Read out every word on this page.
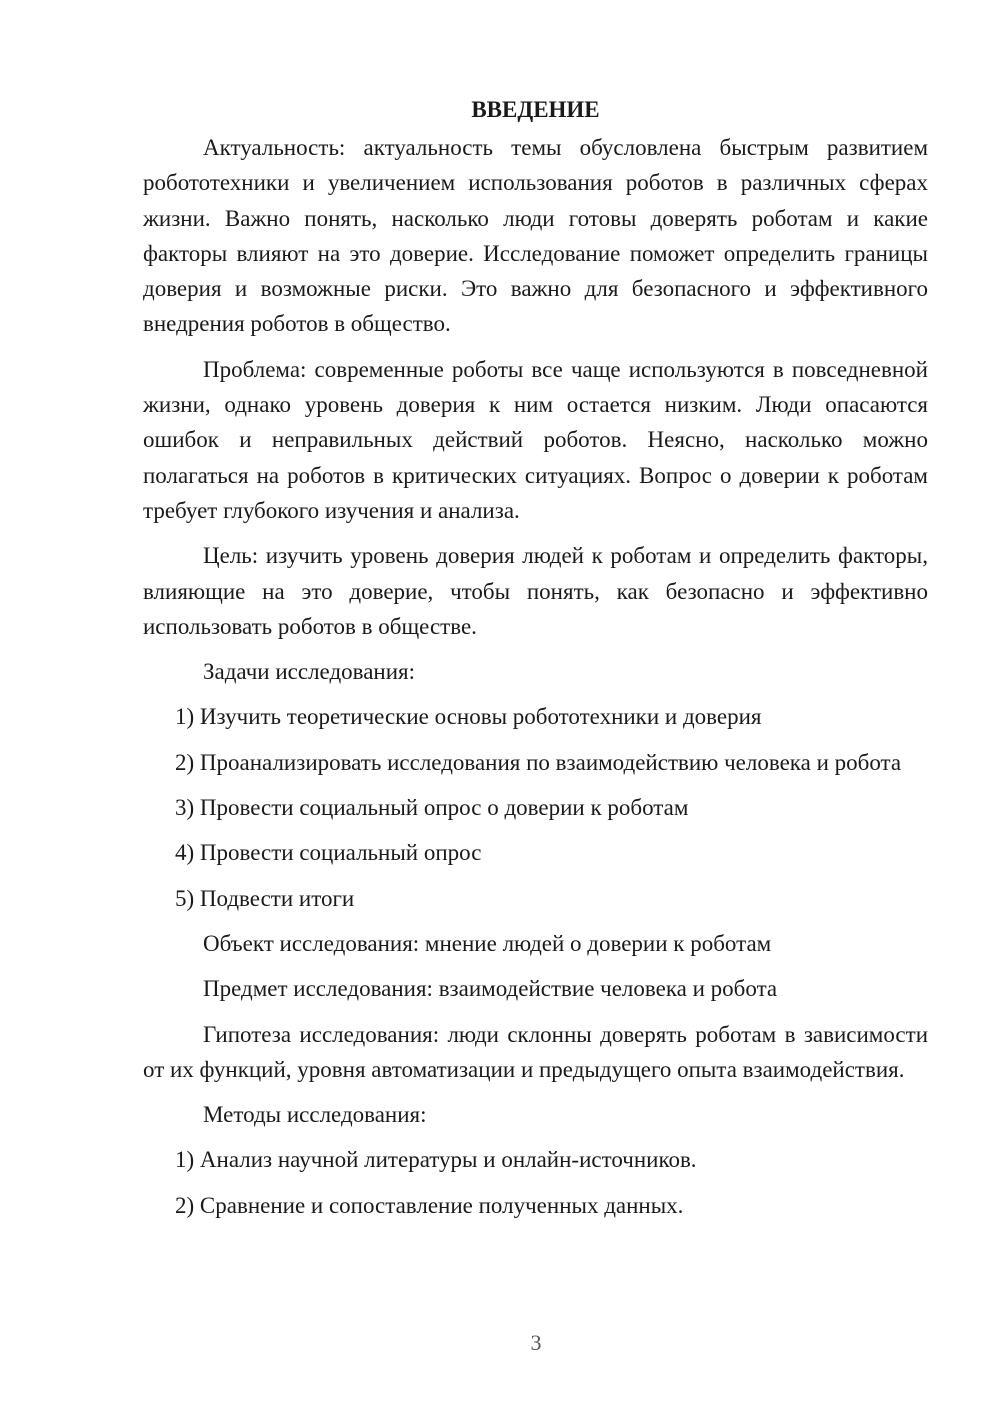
ВВЕДЕНИЕ

Актуальность: актуальность темы обусловлена быстрым развитием робототехники и увеличением использования роботов в различных сферах жизни. Важно понять, насколько люди готовы доверять роботам и какие факторы влияют на это доверие. Исследование поможет определить границы доверия и возможные риски. Это важно для безопасного и эффективного внедрения роботов в общество.

Проблема: современные роботы все чаще используются в повседневной жизни, однако уровень доверия к ним остается низким. Люди опасаются ошибок и неправильных действий роботов. Неясно, насколько можно полагаться на роботов в критических ситуациях. Вопрос о доверии к роботам требует глубокого изучения и анализа.

Цель: изучить уровень доверия людей к роботам и определить факторы, влияющие на это доверие, чтобы понять, как безопасно и эффективно использовать роботов в обществе.

Задачи исследования:
1) Изучить теоретические основы робототехники и доверия
2) Проанализировать исследования по взаимодействию человека и робота
3) Провести социальный опрос о доверии к роботам
4) Провести социальный опрос
5) Подвести итоги
Объект исследования: мнение людей о доверии к роботам
Предмет исследования: взаимодействие человека и робота

Гипотеза исследования: люди склонны доверять роботам в зависимости от их функций, уровня автоматизации и предыдущего опыта взаимодействия.

Методы исследования:
1) Анализ научной литературы и онлайн-источников.
2) Сравнение и сопоставление полученных данных.
3
